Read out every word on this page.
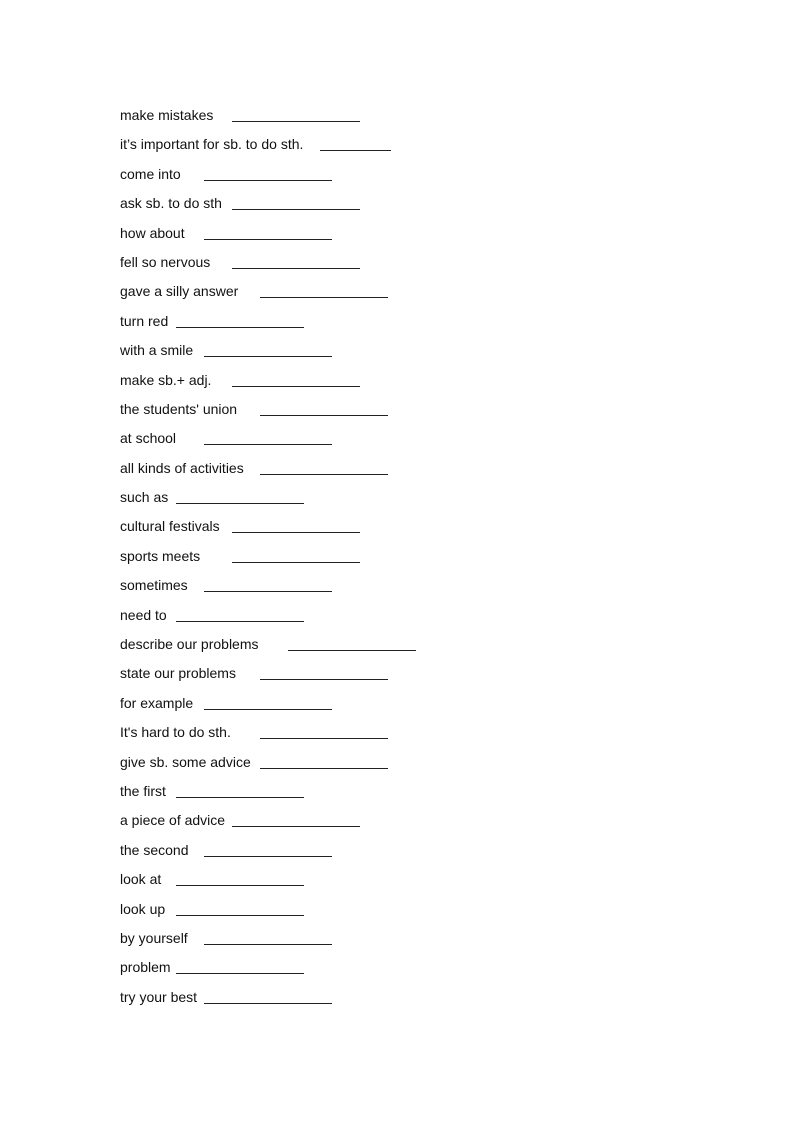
make mistakes
it’s important for sb. to do sth.
come into
ask sb. to do sth
how about
fell so nervous
gave a silly answer
turn red
with a smile
make sb.+ adj.
the students' union
at school
all kinds of activities
such as
cultural festivals
sports meets
sometimes
need to
describe our problems
state our problems
for example
It's hard to do sth.
give sb. some advice
the first
a piece of advice
the second
look at
look up
by yourself
problem
try your best
